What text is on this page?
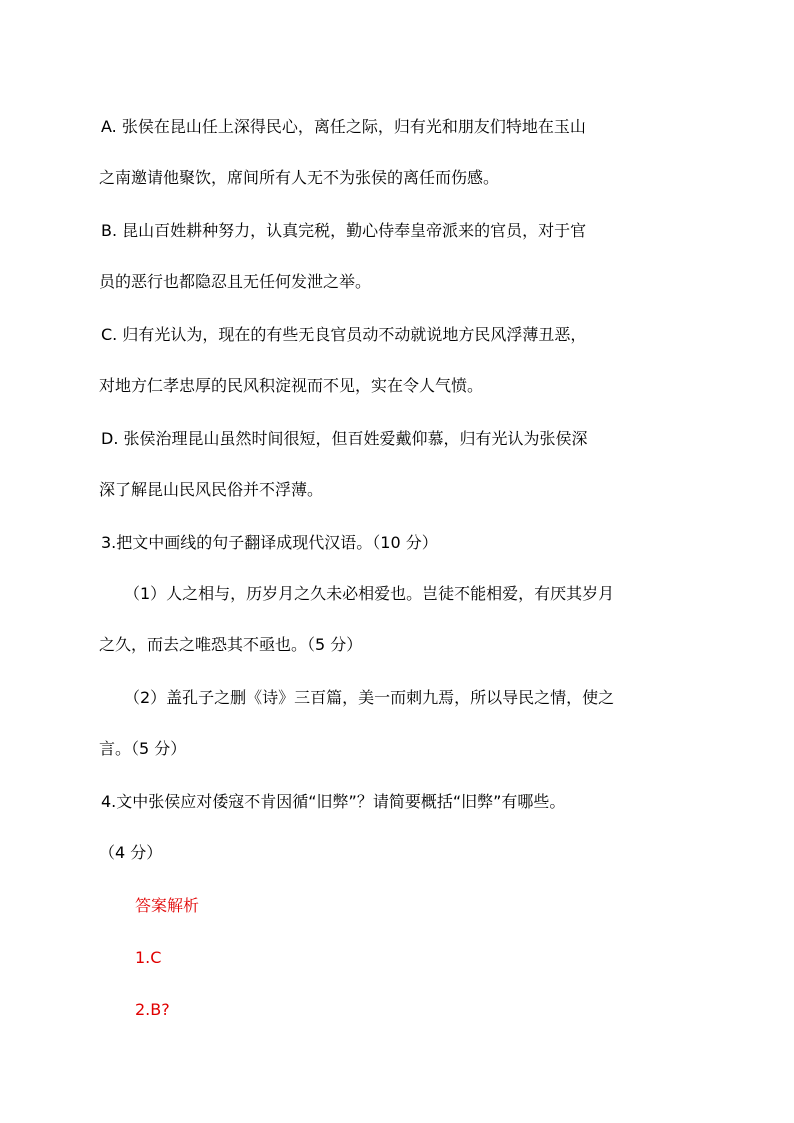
A. 张侯在昆山任上深得民心，离任之际，归有光和朋友们特地在玉山
之南邀请他聚饮，席间所有人无不为张侯的离任而伤感。
B. 昆山百姓耕种努力，认真完税，勤心侍奉皇帝派来的官员，对于官
员的恶行也都隐忍且无任何发泄之举。
C. 归有光认为，现在的有些无良官员动不动就说地方民风浮薄丑恶，
对地方仁孝忠厚的民风积淀视而不见，实在令人气愤。
D. 张侯治理昆山虽然时间很短，但百姓爱戴仰慕，归有光认为张侯深
深了解昆山民风民俗并不浮薄。
3.把文中画线的句子翻译成现代汉语。（10 分）
（1）人之相与，历岁月之久未必相爱也。岂徒不能相爱，有厌其岁月
之久，而去之唯恐其不亟也。（5 分）
（2）盖孔子之删《诗》三百篇，美一而刺九焉，所以导民之情，使之
言。（5 分）
4.文中张侯应对倭寇不肯因循“旧弊”？请简要概括“旧弊”有哪些。
（4 分）
答案解析
1.C
2.B?
